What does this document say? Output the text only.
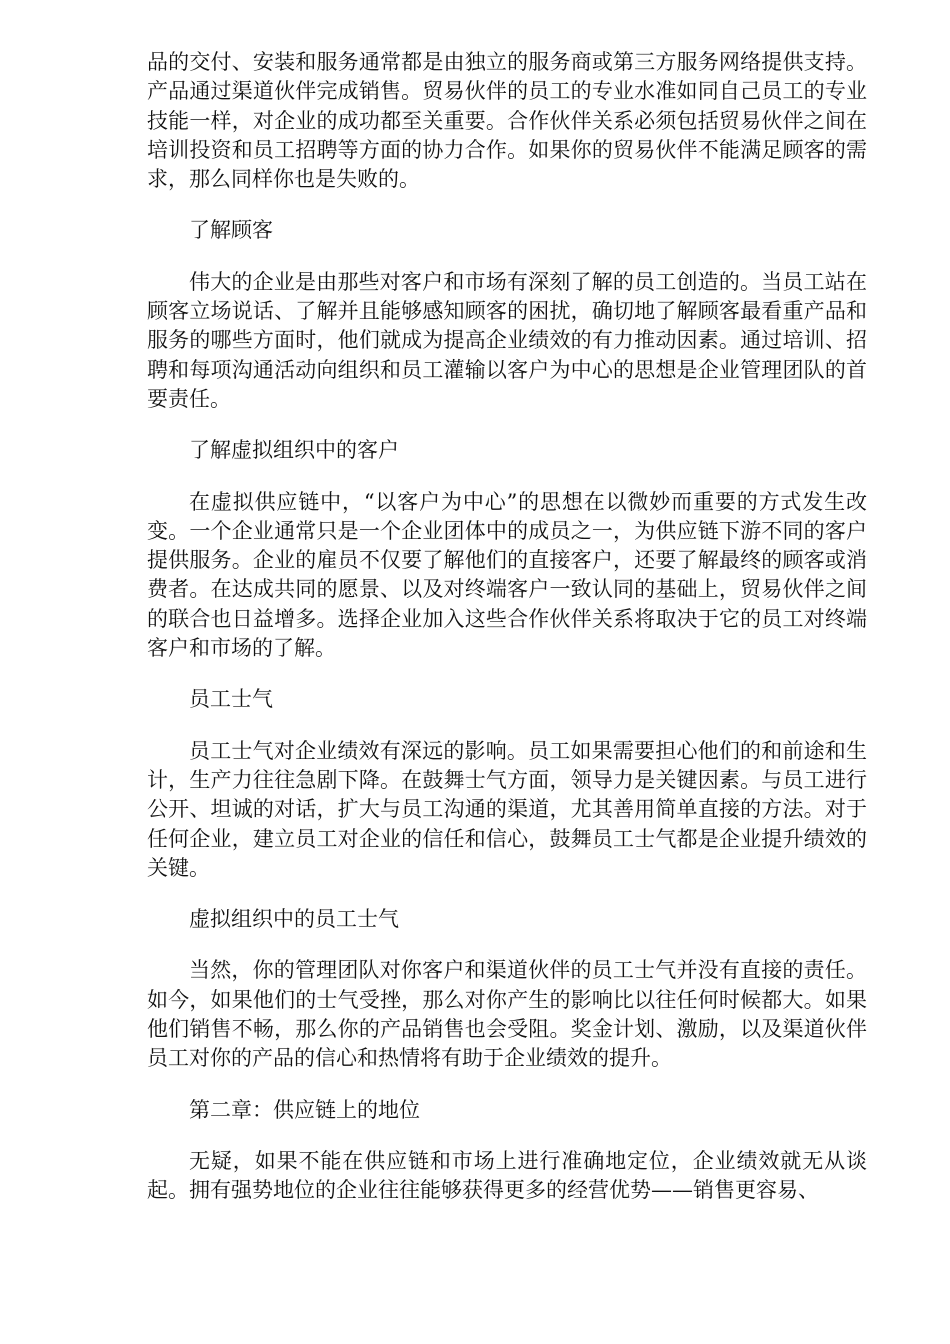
品的交付、安装和服务通常都是由独立的服务商或第三方服务网络提供支持。产品通过渠道伙伴完成销售。贸易伙伴的员工的专业水准如同自己员工的专业技能一样，对企业的成功都至关重要。合作伙伴关系必须包括贸易伙伴之间在培训投资和员工招聘等方面的协力合作。如果你的贸易伙伴不能满足顾客的需求，那么同样你也是失败的。

了解顾客

伟大的企业是由那些对客户和市场有深刻了解的员工创造的。当员工站在顾客立场说话、了解并且能够感知顾客的困扰，确切地了解顾客最看重产品和服务的哪些方面时，他们就成为提高企业绩效的有力推动因素。通过培训、招聘和每项沟通活动向组织和员工灌输以客户为中心的思想是企业管理团队的首要责任。

了解虚拟组织中的客户

在虚拟供应链中，“以客户为中心”的思想在以微妙而重要的方式发生改变。一个企业通常只是一个企业团体中的成员之一，为供应链下游不同的客户提供服务。企业的雇员不仅要了解他们的直接客户，还要了解最终的顾客或消费者。在达成共同的愿景、以及对终端客户一致认同的基础上，贸易伙伴之间的联合也日益增多。选择企业加入这些合作伙伴关系将取决于它的员工对终端客户和市场的了解。

员工士气

员工士气对企业绩效有深远的影响。员工如果需要担心他们的和前途和生计，生产力往往急剧下降。在鼓舞士气方面，领导力是关键因素。与员工进行公开、坦诚的对话，扩大与员工沟通的渠道，尤其善用简单直接的方法。对于任何企业，建立员工对企业的信任和信心，鼓舞员工士气都是企业提升绩效的关键。

虚拟组织中的员工士气

当然，你的管理团队对你客户和渠道伙伴的员工士气并没有直接的责任。如今，如果他们的士气受挫，那么对你产生的影响比以往任何时候都大。如果他们销售不畅，那么你的产品销售也会受阻。奖金计划、激励，以及渠道伙伴员工对你的产品的信心和热情将有助于企业绩效的提升。

第二章：供应链上的地位

无疑，如果不能在供应链和市场上进行准确地定位，企业绩效就无从谈起。拥有强势地位的企业往往能够获得更多的经营优势——销售更容易、
